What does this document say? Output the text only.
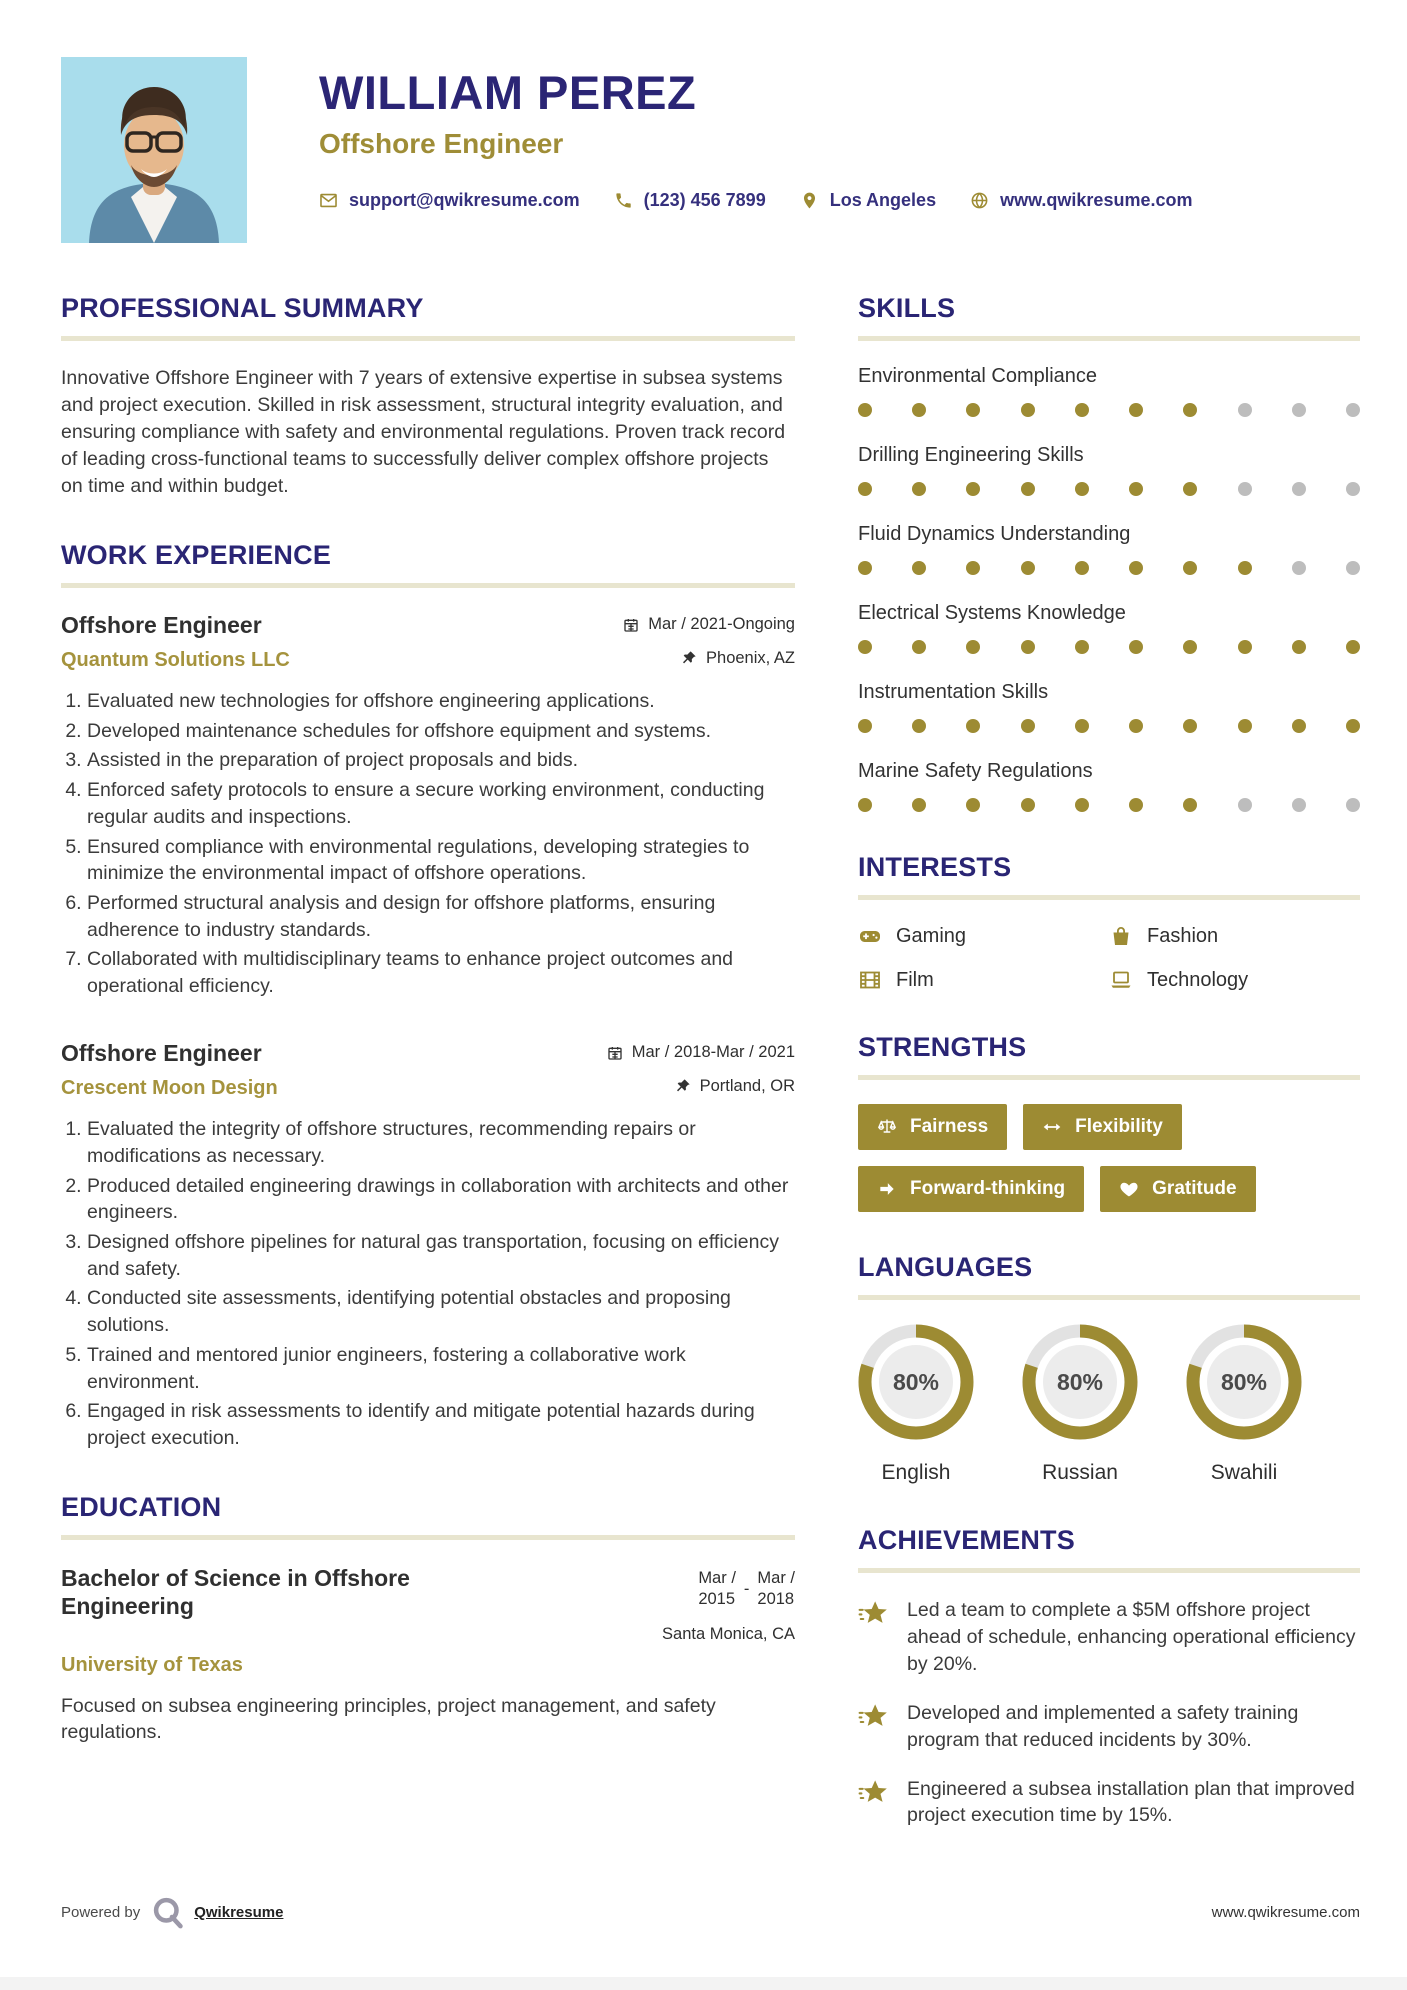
WILLIAM PEREZ
Offshore Engineer
support@qwikresume.com	(123) 456 7899	Los Angeles	www.qwikresume.com
PROFESSIONAL SUMMARY

Innovative Offshore Engineer with 7 years of extensive expertise in subsea systems and project execution. Skilled in risk assessment, structural integrity evaluation, and ensuring compliance with safety and environmental regulations. Proven track record of leading cross-functional teams to successfully deliver complex offshore projects on time and within budget.

WORK EXPERIENCE
Offshore Engineer	Mar / 2021-Ongoing
Quantum Solutions LLC	Phoenix, AZ
1. Evaluated new technologies for offshore engineering applications.
2. Developed maintenance schedules for offshore equipment and systems.
3. Assisted in the preparation of project proposals and bids.
4. Enforced safety protocols to ensure a secure working environment, conducting regular audits and inspections.
5. Ensured compliance with environmental regulations, developing strategies to minimize the environmental impact of offshore operations.
6. Performed structural analysis and design for offshore platforms, ensuring adherence to industry standards.
7. Collaborated with multidisciplinary teams to enhance project outcomes and operational efficiency.
Offshore Engineer	Mar / 2018-Mar / 2021
Crescent Moon Design	Portland, OR
1. Evaluated the integrity of offshore structures, recommending repairs or modifications as necessary.
2. Produced detailed engineering drawings in collaboration with architects and other engineers.
3. Designed offshore pipelines for natural gas transportation, focusing on efficiency and safety.
4. Conducted site assessments, identifying potential obstacles and proposing solutions.
5. Trained and mentored junior engineers, fostering a collaborative work environment.
6. Engaged in risk assessments to identify and mitigate potential hazards during project execution.
EDUCATION
Bachelor of Science in Offshore Engineering
Mar /
2015
-
Mar /
2018
Santa Monica, CA
University of Texas

Focused on subsea engineering principles, project management, and safety regulations.

SKILLS
Environmental Compliance
Drilling Engineering Skills
Fluid Dynamics Understanding
Electrical Systems Knowledge
Instrumentation Skills
Marine Safety Regulations
INTERESTS
Gaming	Fashion
Film	Technology
STRENGTHS
Fairness	Flexibility
Forward-thinking	Gratitude
LANGUAGES
80%
English
80%
Russian
80%
Swahili
ACHIEVEMENTS

Led a team to complete a $5M offshore project ahead of schedule, enhancing operational efficiency by 20%.

Developed and implemented a safety training program that reduced incidents by 30%.

Engineered a subsea installation plan that improved project execution time by 15%.

Powered by	Qwikresume	www.qwikresume.com
